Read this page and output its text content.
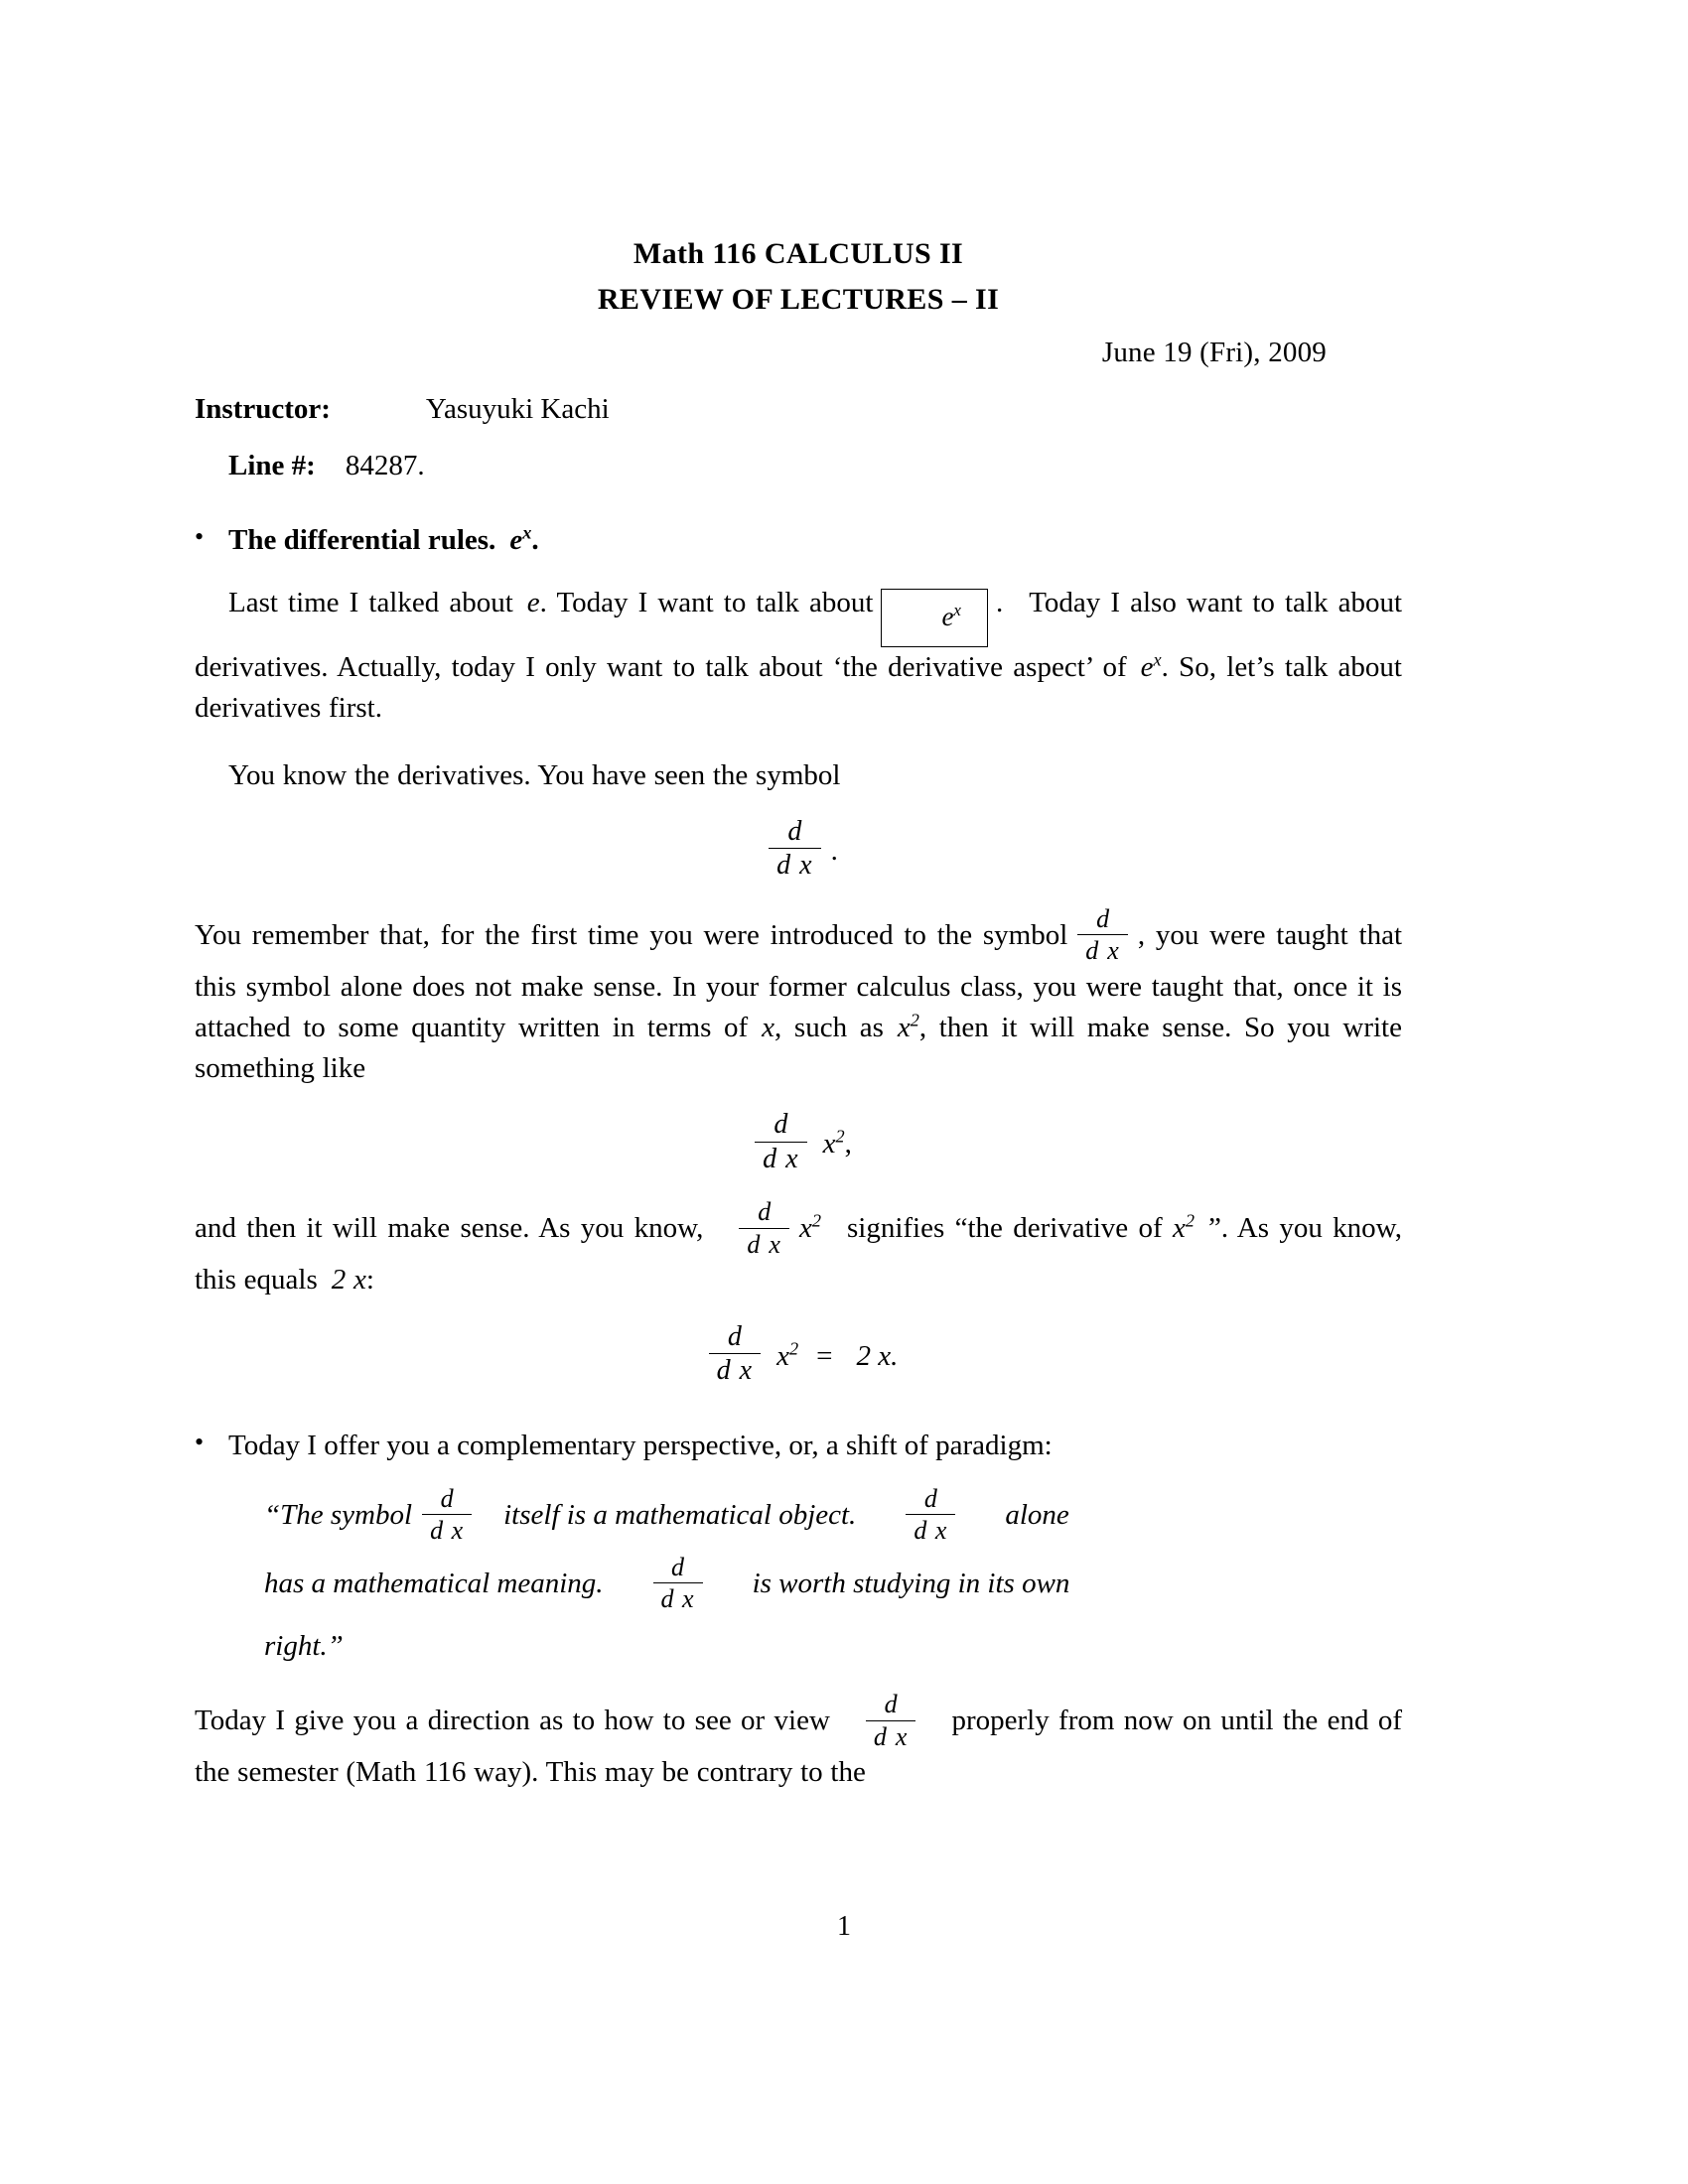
Math 116 CALCULUS II
REVIEW OF LECTURES – II
June 19 (Fri), 2009
Instructor:	Yasuyuki Kachi
Line #: 84287.
•
The differential rules. $e^x$.

Last time I talked about e. Today I want to talk about	$e^x$ . Today I also want to talk about derivatives. Actually, today I only want to talk about ‘the derivative aspect’ of $e^x$. So, let’s talk about derivatives first.

You know the derivatives. You have seen the symbol

$\frac{d}{\text{d x}}$ .

You remember that, for the first time you were introduced to the symbol $\frac{d}{\text{d x}}$ , you were taught that this symbol alone does not make sense. In your former calculus class, you were taught that, once it is attached to some quantity written in terms of x, such as $x^2$, then it will make sense. So you write something like

$\frac{d}{\text{d x}} x^2$,

and then it will make sense. As you know, $\frac{d}{\text{d x}} x^2$ signifies “the derivative of $x^2$ ”. As you know, this equals 2 x:

$\frac{d}{\text{d x}} x^2 = 2$ x.
•
Today I offer you a complementary perspective, or, a shift of paradigm:
“The symbol $\frac{d}{\text{d x}}$ itself is a mathematical object. $\frac{d}{\text{d x}}$ alone
has a mathematical meaning. $\frac{d}{\text{d x}}$ is worth studying in its own
right.”

Today I give you a direction as to how to see or view $\frac{d}{\text{d x}}$ properly from now on until the end of the semester (Math 116 way). This may be contrary to the

1
